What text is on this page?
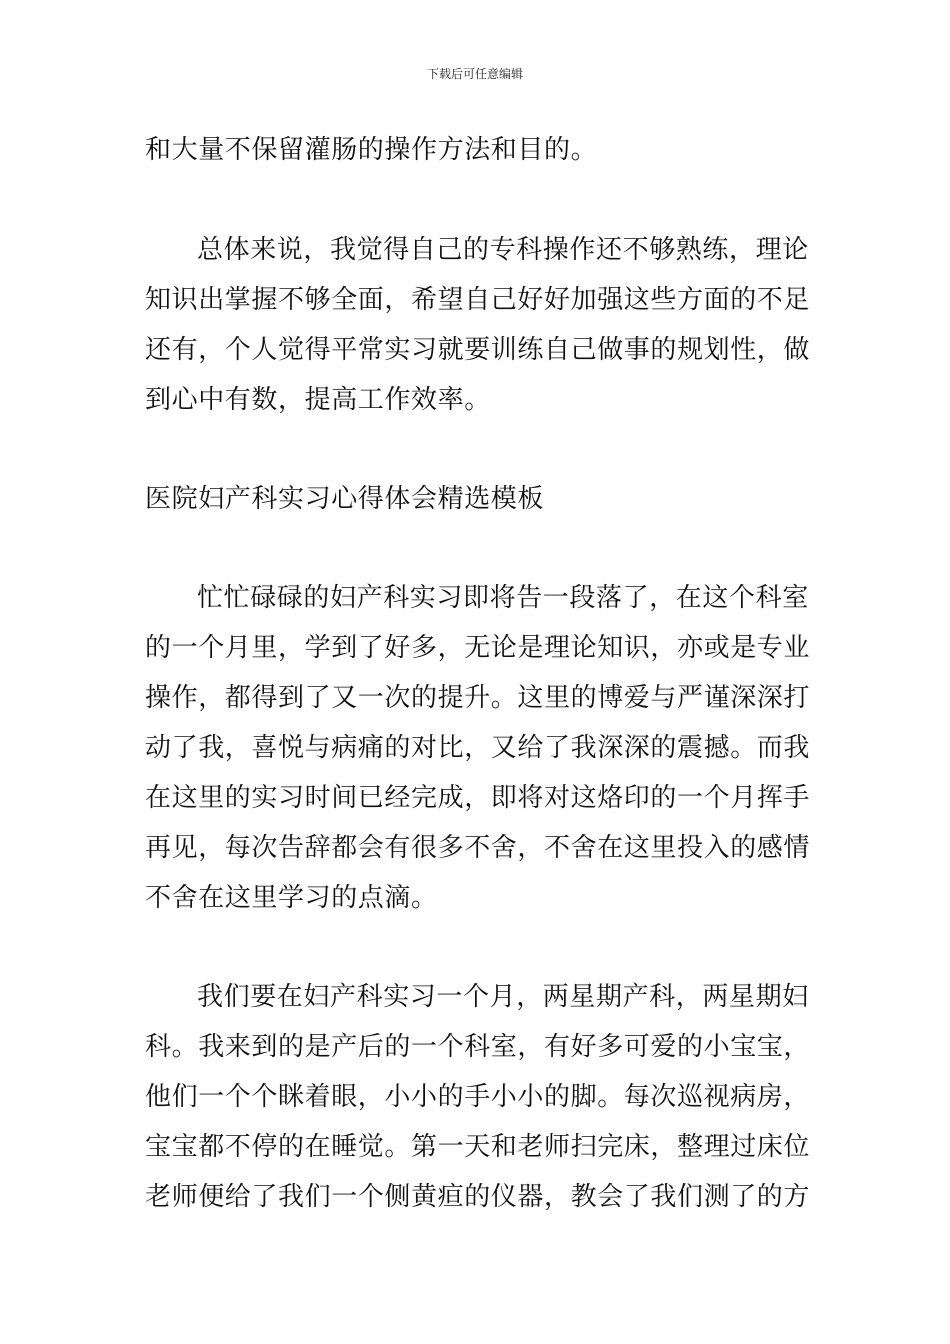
下载后可任意编辑
和大量不保留灌肠的操作方法和目的。
总体来说，我觉得自己的专科操作还不够熟练，理论
知识出掌握不够全面，希望自己好好加强这些方面的不足
还有，个人觉得平常实习就要训练自己做事的规划性，做
到心中有数，提高工作效率。
医院妇产科实习心得体会精选模板
忙忙碌碌的妇产科实习即将告一段落了，在这个科室
的一个月里，学到了好多，无论是理论知识，亦或是专业
操作，都得到了又一次的提升。这里的博爱与严谨深深打
动了我，喜悦与病痛的对比，又给了我深深的震撼。而我
在这里的实习时间已经完成，即将对这烙印的一个月挥手
再见，每次告辞都会有很多不舍，不舍在这里投入的感情
不舍在这里学习的点滴。
我们要在妇产科实习一个月，两星期产科，两星期妇
科。我来到的是产后的一个科室，有好多可爱的小宝宝，
他们一个个眯着眼，小小的手小小的脚。每次巡视病房，
宝宝都不停的在睡觉。第一天和老师扫完床，整理过床位
老师便给了我们一个侧黄疸的仪器，教会了我们测了的方
